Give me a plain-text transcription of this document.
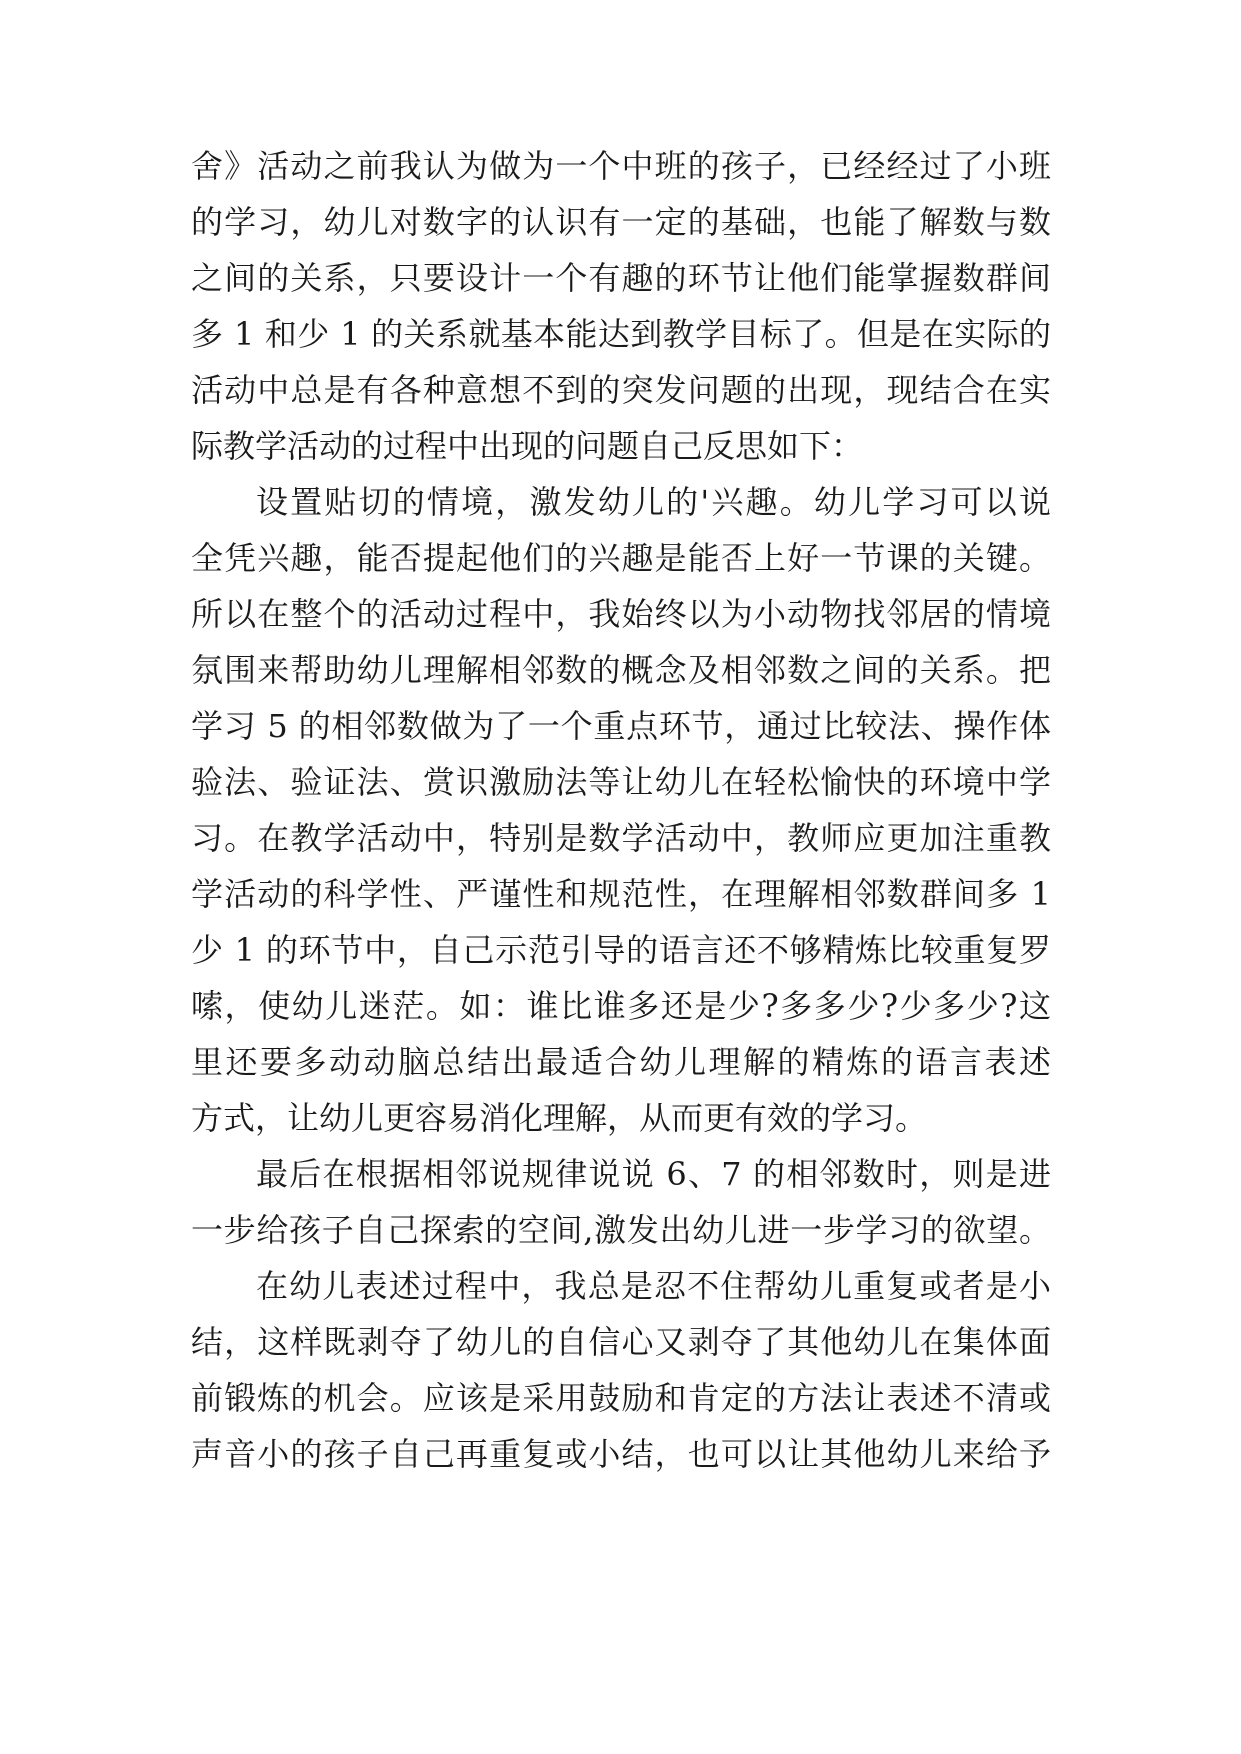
舍》活动之前我认为做为一个中班的孩子，已经经过了小班
的学习，幼儿对数字的认识有一定的基础，也能了解数与数
之间的关系，只要设计一个有趣的环节让他们能掌握数群间
多 1 和少 1 的关系就基本能达到教学目标了。但是在实际的
活动中总是有各种意想不到的突发问题的出现，现结合在实
际教学活动的过程中出现的问题自己反思如下：
设置贴切的情境，激发幼儿的'兴趣。幼儿学习可以说
全凭兴趣，能否提起他们的兴趣是能否上好一节课的关键。
所以在整个的活动过程中，我始终以为小动物找邻居的情境
氛围来帮助幼儿理解相邻数的概念及相邻数之间的关系。把
学习 5 的相邻数做为了一个重点环节，通过比较法、操作体
验法、验证法、赏识激励法等让幼儿在轻松愉快的环境中学
习。在教学活动中，特别是数学活动中，教师应更加注重教
学活动的科学性、严谨性和规范性，在理解相邻数群间多 1
少 1 的环节中，自己示范引导的语言还不够精炼比较重复罗
嗦，使幼儿迷茫。如：谁比谁多还是少?多多少?少多少?这
里还要多动动脑总结出最适合幼儿理解的精炼的语言表述
方式，让幼儿更容易消化理解，从而更有效的学习。
最后在根据相邻说规律说说 6、7 的相邻数时，则是进
一步给孩子自己探索的空间,激发出幼儿进一步学习的欲望。
在幼儿表述过程中，我总是忍不住帮幼儿重复或者是小
结，这样既剥夺了幼儿的自信心又剥夺了其他幼儿在集体面
前锻炼的机会。应该是采用鼓励和肯定的方法让表述不清或
声音小的孩子自己再重复或小结，也可以让其他幼儿来给予
